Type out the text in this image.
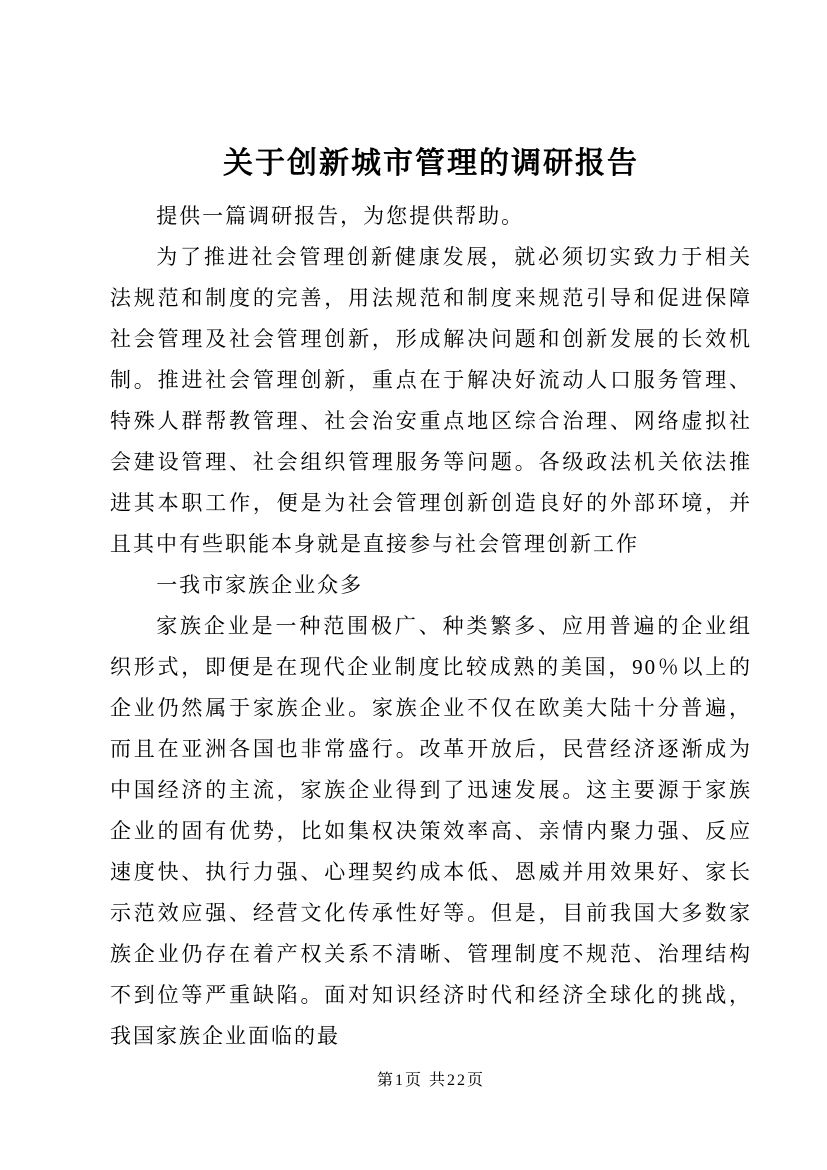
关于创新城市管理的调研报告

提供一篇调研报告，为您提供帮助。

为了推进社会管理创新健康发展，就必须切实致力于相关法规范和制度的完善，用法规范和制度来规范引导和促进保障社会管理及社会管理创新，形成解决问题和创新发展的长效机制。推进社会管理创新，重点在于解决好流动人口服务管理、特殊人群帮教管理、社会治安重点地区综合治理、网络虚拟社会建设管理、社会组织管理服务等问题。各级政法机关依法推进其本职工作，便是为社会管理创新创造良好的外部环境，并且其中有些职能本身就是直接参与社会管理创新工作

一我市家族企业众多

家族企业是一种范围极广、种类繁多、应用普遍的企业组织形式，即便是在现代企业制度比较成熟的美国，90％以上的企业仍然属于家族企业。家族企业不仅在欧美大陆十分普遍，而且在亚洲各国也非常盛行。改革开放后，民营经济逐渐成为中国经济的主流，家族企业得到了迅速发展。这主要源于家族企业的固有优势，比如集权决策效率高、亲情内聚力强、反应速度快、执行力强、心理契约成本低、恩威并用效果好、家长示范效应强、经营文化传承性好等。但是，目前我国大多数家族企业仍存在着产权关系不清晰、管理制度不规范、治理结构不到位等严重缺陷。面对知识经济时代和经济全球化的挑战，我国家族企业面临的最

第1页 共22页
